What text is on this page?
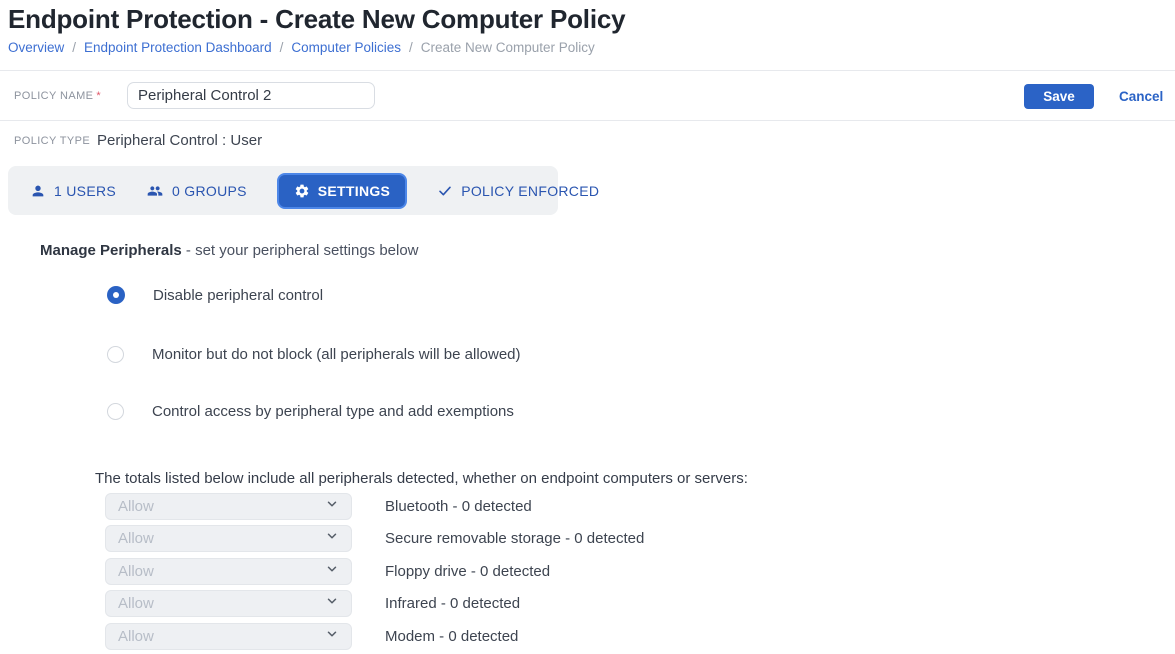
Endpoint Protection - Create New Computer Policy
Overview / Endpoint Protection Dashboard / Computer Policies / Create New Computer Policy
POLICY NAME *
Peripheral Control 2	Save	Cancel
POLICY TYPE Peripheral Control : User
1 USERS	0 GROUPS	SETTINGS	POLICY ENFORCED
Manage Peripherals - set your peripheral settings below
Disable peripheral control
Monitor but do not block (all peripherals will be allowed)
Control access by peripheral type and add exemptions
The totals listed below include all peripherals detected, whether on endpoint computers or servers:
Allow	Bluetooth - 0 detected
Allow	Secure removable storage - 0 detected
Allow	Floppy drive - 0 detected
Allow	Infrared - 0 detected
Allow	Modem - 0 detected
